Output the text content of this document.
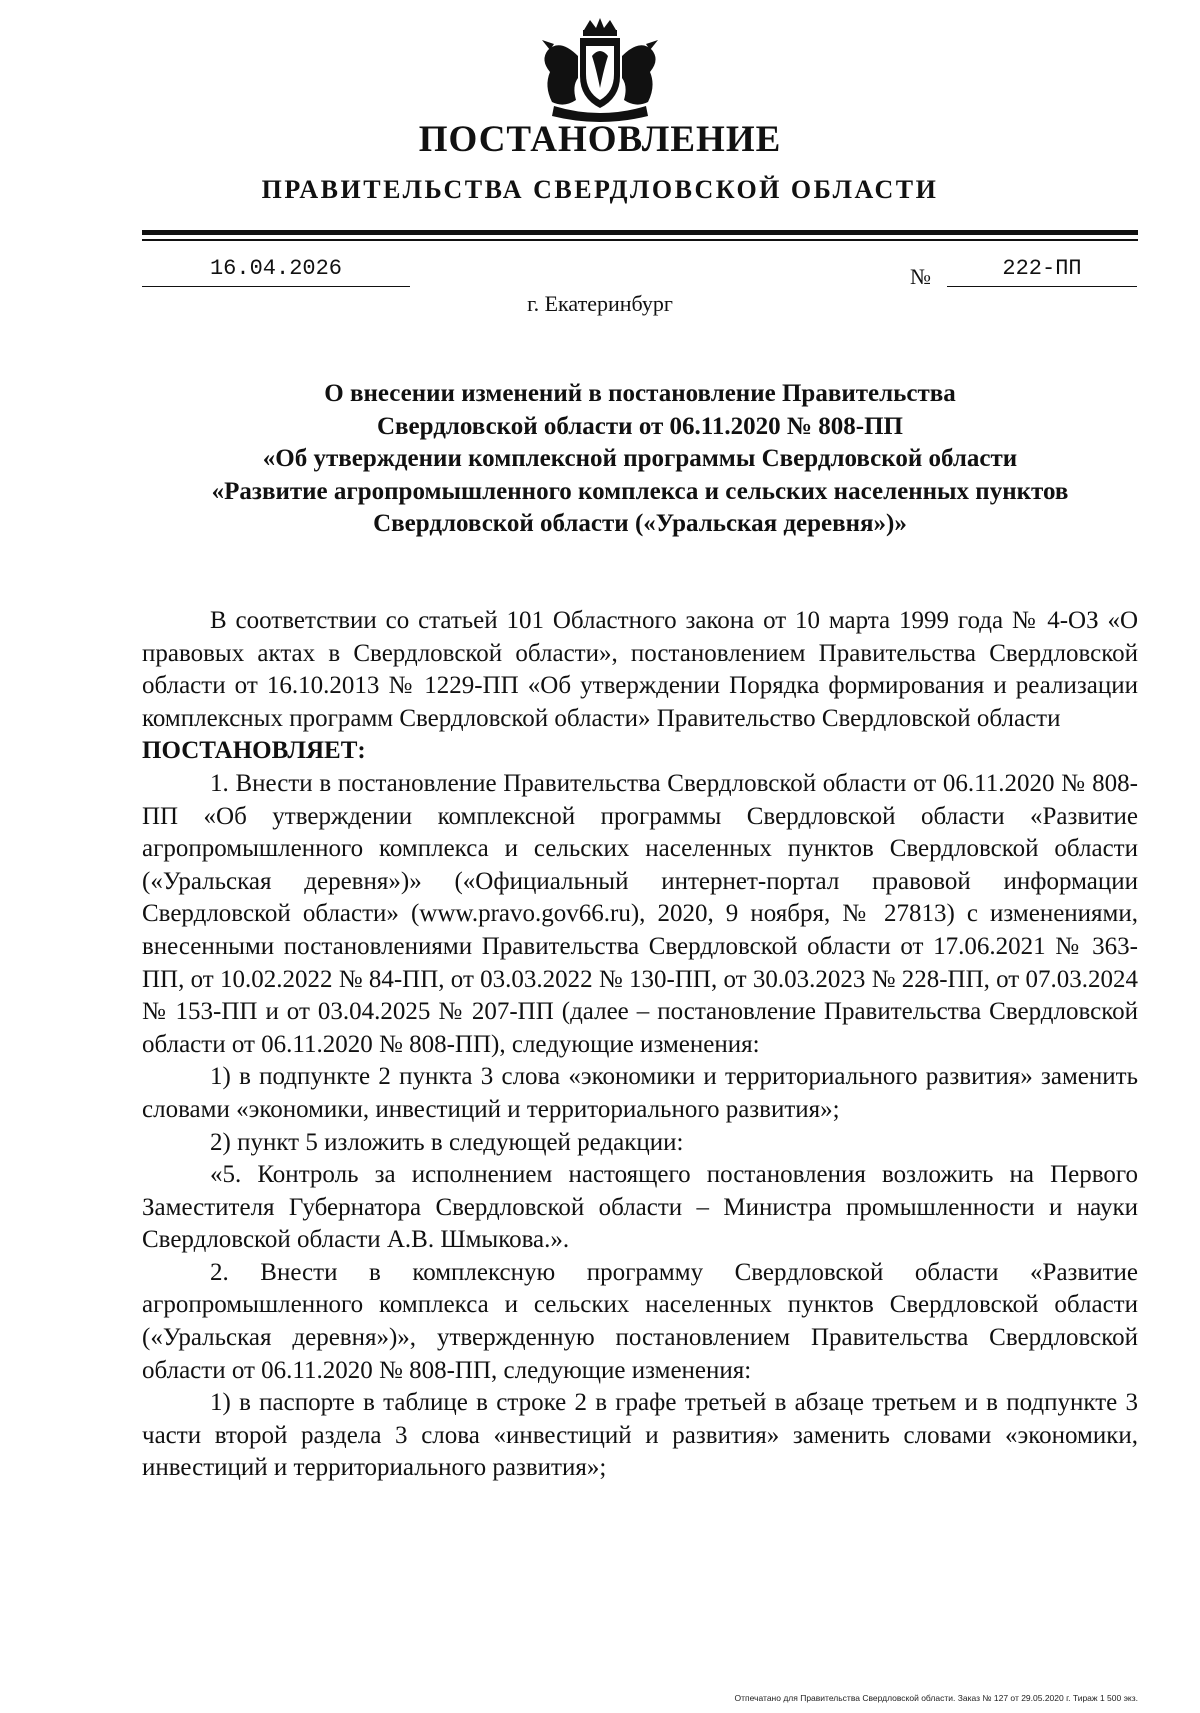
ПОСТАНОВЛЕНИЕ
ПРАВИТЕЛЬСТВА СВЕРДЛОВСКОЙ ОБЛАСТИ
16.04.2026	№	222-ПП
г. Екатеринбург
О внесении изменений в постановление Правительства
Свердловской области от 06.11.2020 № 808-ПП
«Об утверждении комплексной программы Свердловской области
«Развитие агропромышленного комплекса и сельских населенных пунктов
Свердловской области («Уральская деревня»)»

В соответствии со статьей 101 Областного закона от 10 марта 1999 года № 4-ОЗ «О правовых актах в Свердловской области», постановлением Правительства Свердловской области от 16.10.2013 № 1229-ПП «Об утверждении Порядка формирования и реализации комплексных программ Свердловской области» Правительство Свердловской области

ПОСТАНОВЛЯЕТ:

1. Внести в постановление Правительства Свердловской области от 06.11.2020 № 808-ПП «Об утверждении комплексной программы Свердловской области «Развитие агропромышленного комплекса и сельских населенных пунктов Свердловской области («Уральская деревня»)» («Официальный интернет-портал правовой информации Свердловской области» (www.pravo.gov66.ru), 2020, 9 ноября, № 27813) с изменениями, внесенными постановлениями Правительства Свердловской области от 17.06.2021 № 363-ПП, от 10.02.2022 № 84-ПП, от 03.03.2022 № 130-ПП, от 30.03.2023 № 228-ПП, от 07.03.2024 № 153-ПП и от 03.04.2025 № 207-ПП (далее – постановление Правительства Свердловской области от 06.11.2020 № 808-ПП), следующие изменения:

1) в подпункте 2 пункта 3 слова «экономики и территориального развития» заменить словами «экономики, инвестиций и территориального развития»;

2) пункт 5 изложить в следующей редакции:

«5. Контроль за исполнением настоящего постановления возложить на Первого Заместителя Губернатора Свердловской области – Министра промышленности и науки Свердловской области А.В. Шмыкова.».

2. Внести в комплексную программу Свердловской области «Развитие агропромышленного комплекса и сельских населенных пунктов Свердловской области («Уральская деревня»)», утвержденную постановлением Правительства Свердловской области от 06.11.2020 № 808-ПП, следующие изменения:

1) в паспорте в таблице в строке 2 в графе третьей в абзаце третьем и в подпункте 3 части второй раздела 3 слова «инвестиций и развития» заменить словами «экономики, инвестиций и территориального развития»;

Отпечатано для Правительства Свердловской области. Заказ № 127 от 29.05.2020 г. Тираж 1 500 экз.
